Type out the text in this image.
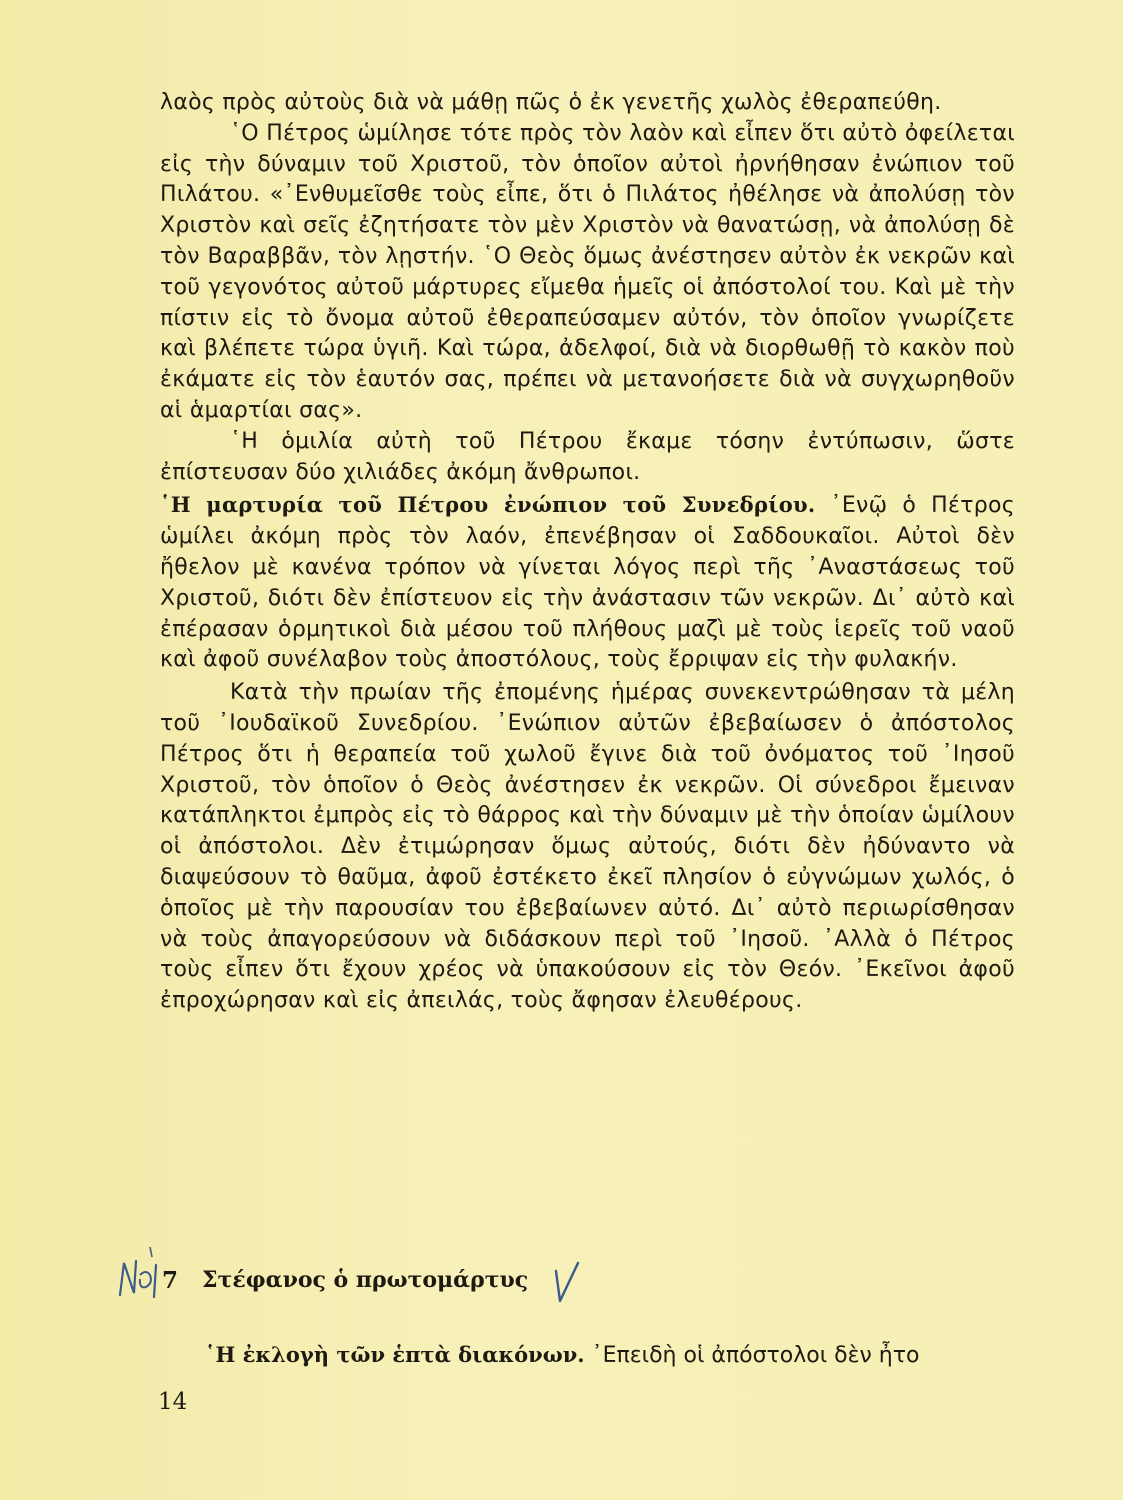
λαὸς πρὸς αὐτοὺς διὰ νὰ μάθῃ πῶς ὁ ἐκ γενετῆς χωλὸς ἐθεραπεύθη.

῾Ο Πέτρος ὡμίλησε τότε πρὸς τὸν λαὸν καὶ εἶπεν ὅτι αὐτὸ ὀφείλεται εἰς τὴν δύναμιν τοῦ Χριστοῦ, τὸν ὁποῖον αὐτοὶ ἠρνήθησαν ἐνώπιον τοῦ Πιλάτου. «᾿Ενθυμεῖσθε τοὺς εἶπε, ὅτι ὁ Πιλάτος ἠθέλησε νὰ ἀπολύσῃ τὸν Χριστὸν καὶ σεῖς ἐζητήσατε τὸν μὲν Χριστὸν νὰ θανατώσῃ, νὰ ἀπολύσῃ δὲ τὸν Βαραββᾶν, τὸν λῃστήν. ῾Ο Θεὸς ὅμως ἀνέστησεν αὐτὸν ἐκ νεκρῶν καὶ τοῦ γεγονότος αὐτοῦ μάρτυρες εἴμεθα ἡμεῖς οἱ ἀπόστολοί του. Καὶ μὲ τὴν πίστιν εἰς τὸ ὄνομα αὐτοῦ ἐθεραπεύσαμεν αὐτόν, τὸν ὁποῖον γνωρίζετε καὶ βλέπετε τώρα ὑγιῆ. Καὶ τώρα, ἀδελφοί, διὰ νὰ διορθωθῇ τὸ κακὸν ποὺ ἐκάματε εἰς τὸν ἑαυτόν σας, πρέπει νὰ μετανοήσετε διὰ νὰ συγχωρηθοῦν αἱ ἁμαρτίαι σας».

῾Η ὁμιλία αὐτὴ τοῦ Πέτρου ἔκαμε τόσην ἐντύπωσιν, ὥστε ἐπίστευσαν δύο χιλιάδες ἀκόμη ἄνθρωποι.

῾Η μαρτυρία τοῦ Πέτρου ἐνώπιον τοῦ Συνεδρίου. ᾿Ενῷ ὁ Πέτρος ὡμίλει ἀκόμη πρὸς τὸν λαόν, ἐπενέβησαν οἱ Σαδδουκαῖοι. Αὐτοὶ δὲν ἤθελον μὲ κανένα τρόπον νὰ γίνεται λόγος περὶ τῆς ᾿Αναστάσεως τοῦ Χριστοῦ, διότι δὲν ἐπίστευον εἰς τὴν ἀνάστασιν τῶν νεκρῶν. Δι᾿ αὐτὸ καὶ ἐπέρασαν ὁρμητικοὶ διὰ μέσου τοῦ πλήθους μαζὶ μὲ τοὺς ἱερεῖς τοῦ ναοῦ καὶ ἀφοῦ συνέλαβον τοὺς ἀποστόλους, τοὺς ἔρριψαν εἰς τὴν φυλακήν.

Κατὰ τὴν πρωίαν τῆς ἐπομένης ἡμέρας συνεκεντρώθησαν τὰ μέλη τοῦ ᾿Ιουδαϊκοῦ Συνεδρίου. ᾿Ενώπιον αὐτῶν ἐβεβαίωσεν ὁ ἀπόστολος Πέτρος ὅτι ἡ θεραπεία τοῦ χωλοῦ ἔγινε διὰ τοῦ ὀνόματος τοῦ ᾿Ιησοῦ Χριστοῦ, τὸν ὁποῖον ὁ Θεὸς ἀνέστησεν ἐκ νεκρῶν. Οἱ σύνεδροι ἔμειναν κατάπληκτοι ἐμπρὸς εἰς τὸ θάρρος καὶ τὴν δύναμιν μὲ τὴν ὁποίαν ὡμίλουν οἱ ἀπόστολοι. Δὲν ἐτιμώρησαν ὅμως αὐτούς, διότι δὲν ἠδύναντο νὰ διαψεύσουν τὸ θαῦμα, ἀφοῦ ἐστέκετο ἐκεῖ πλησίον ὁ εὐγνώμων χωλός, ὁ ὁποῖος μὲ τὴν παρουσίαν του ἐβεβαίωνεν αὐτό. Δι᾿ αὐτὸ περιωρίσθησαν νὰ τοὺς ἀπαγορεύσουν νὰ διδάσκουν περὶ τοῦ ᾿Ιησοῦ. ᾿Αλλὰ ὁ Πέτρος τοὺς εἶπεν ὅτι ἔχουν χρέος νὰ ὑπακούσουν εἰς τὸν Θεόν. ᾿Εκεῖνοι ἀφοῦ ἐπροχώρησαν καὶ εἰς ἀπειλάς, τοὺς ἄφησαν ἐλευθέρους.

7 Στέφανος ὁ πρωτομάρτυς
῾Η ἐκλογὴ τῶν ἑπτὰ διακόνων. ᾿Επειδὴ οἱ ἀπόστολοι δὲν ἦτο
14
